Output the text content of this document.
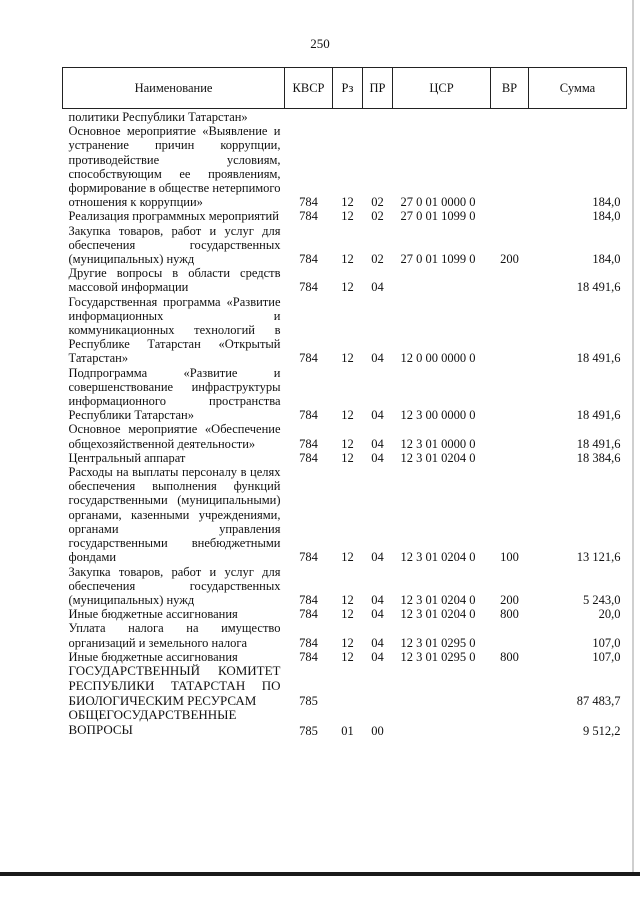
250
Наименование	КВСР	Рз	ПР	ЦСР	ВР	Сумма
политики Республики Татарстан»						
Основное мероприятие «Выявление и устранение причин коррупции, противодействие условиям, способствующим ее проявлениям, формирование в обществе нетерпимого отношения к коррупции»	784	12	02	27 0 01 0000 0		184,0
Реализация программных мероприятий	784	12	02	27 0 01 1099 0		184,0
Закупка товаров, работ и услуг для обеспечения государственных (муниципальных) нужд	784	12	02	27 0 01 1099 0	200	184,0
Другие вопросы в области средств массовой информации	784	12	04			18 491,6
Государственная программа «Развитие информационных и коммуникационных технологий в Республике Татарстан «Открытый Татарстан»	784	12	04	12 0 00 0000 0		18 491,6
Подпрограмма «Развитие и совершенствование инфраструктуры информационного пространства Республики Татарстан»	784	12	04	12 3 00 0000 0		18 491,6
Основное мероприятие «Обеспечение общехозяйственной деятельности»	784	12	04	12 3 01 0000 0		18 491,6
Центральный аппарат	784	12	04	12 3 01 0204 0		18 384,6
Расходы на выплаты персоналу в целях обеспечения выполнения функций государственными (муниципальными) органами, казенными учреждениями, органами управления государственными внебюджетными фондами	784	12	04	12 3 01 0204 0	100	13 121,6
Закупка товаров, работ и услуг для обеспечения государственных (муниципальных) нужд	784	12	04	12 3 01 0204 0	200	5 243,0
Иные бюджетные ассигнования	784	12	04	12 3 01 0204 0	800	20,0
Уплата налога на имущество организаций и земельного налога	784	12	04	12 3 01 0295 0		107,0
Иные бюджетные ассигнования	784	12	04	12 3 01 0295 0	800	107,0
ГОСУДАРСТВЕННЫЙ КОМИТЕТ РЕСПУБЛИКИ ТАТАРСТАН ПО БИОЛОГИЧЕСКИМ РЕСУРСАМ	785					87 483,7
ОБЩЕГОСУДАРСТВЕННЫЕ ВОПРОСЫ	785	01	00			9 512,2
